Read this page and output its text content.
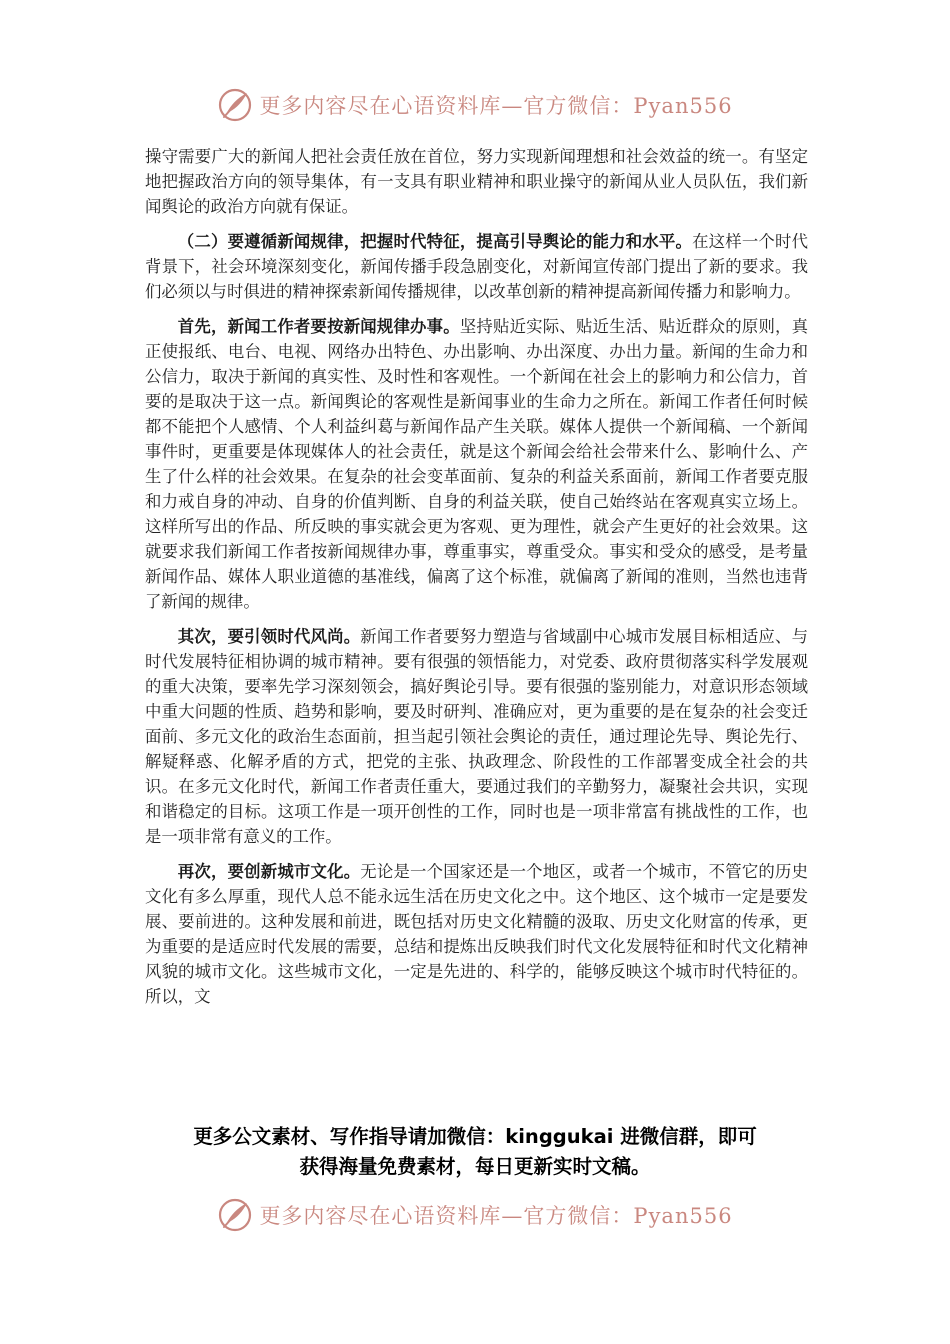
更多内容尽在心语资料库—官方微信：Pyan556

操守需要广大的新闻人把社会责任放在首位，努力实现新闻理想和社会效益的统一。有坚定地把握政治方向的领导集体，有一支具有职业精神和职业操守的新闻从业人员队伍，我们新闻舆论的政治方向就有保证。

（二）要遵循新闻规律，把握时代特征，提高引导舆论的能力和水平。在这样一个时代背景下，社会环境深刻变化，新闻传播手段急剧变化，对新闻宣传部门提出了新的要求。我们必须以与时俱进的精神探索新闻传播规律，以改革创新的精神提高新闻传播力和影响力。

首先，新闻工作者要按新闻规律办事。坚持贴近实际、贴近生活、贴近群众的原则，真正使报纸、电台、电视、网络办出特色、办出影响、办出深度、办出力量。新闻的生命力和公信力，取决于新闻的真实性、及时性和客观性。一个新闻在社会上的影响力和公信力，首要的是取决于这一点。新闻舆论的客观性是新闻事业的生命力之所在。新闻工作者任何时候都不能把个人感情、个人利益纠葛与新闻作品产生关联。媒体人提供一个新闻稿、一个新闻事件时，更重要是体现媒体人的社会责任，就是这个新闻会给社会带来什么、影响什么、产生了什么样的社会效果。在复杂的社会变革面前、复杂的利益关系面前，新闻工作者要克服和力戒自身的冲动、自身的价值判断、自身的利益关联，使自己始终站在客观真实立场上。这样所写出的作品、所反映的事实就会更为客观、更为理性，就会产生更好的社会效果。这就要求我们新闻工作者按新闻规律办事，尊重事实，尊重受众。事实和受众的感受，是考量新闻作品、媒体人职业道德的基准线，偏离了这个标准，就偏离了新闻的准则，当然也违背了新闻的规律。

其次，要引领时代风尚。新闻工作者要努力塑造与省域副中心城市发展目标相适应、与时代发展特征相协调的城市精神。要有很强的领悟能力，对党委、政府贯彻落实科学发展观的重大决策，要率先学习深刻领会，搞好舆论引导。要有很强的鉴别能力，对意识形态领域中重大问题的性质、趋势和影响，要及时研判、准确应对，更为重要的是在复杂的社会变迁面前、多元文化的政治生态面前，担当起引领社会舆论的责任，通过理论先导、舆论先行、解疑释惑、化解矛盾的方式，把党的主张、执政理念、阶段性的工作部署变成全社会的共识。在多元文化时代，新闻工作者责任重大，要通过我们的辛勤努力，凝聚社会共识，实现和谐稳定的目标。这项工作是一项开创性的工作，同时也是一项非常富有挑战性的工作，也是一项非常有意义的工作。

再次，要创新城市文化。无论是一个国家还是一个地区，或者一个城市，不管它的历史文化有多么厚重，现代人总不能永远生活在历史文化之中。这个地区、这个城市一定是要发展、要前进的。这种发展和前进，既包括对历史文化精髓的汲取、历史文化财富的传承，更为重要的是适应时代发展的需要，总结和提炼出反映我们时代文化发展特征和时代文化精神风貌的城市文化。这些城市文化，一定是先进的、科学的，能够反映这个城市时代特征的。所以，文

更多公文素材、写作指导请加微信：kinggukai 进微信群，即可
获得海量免费素材，每日更新实时文稿。
更多内容尽在心语资料库—官方微信：Pyan556
